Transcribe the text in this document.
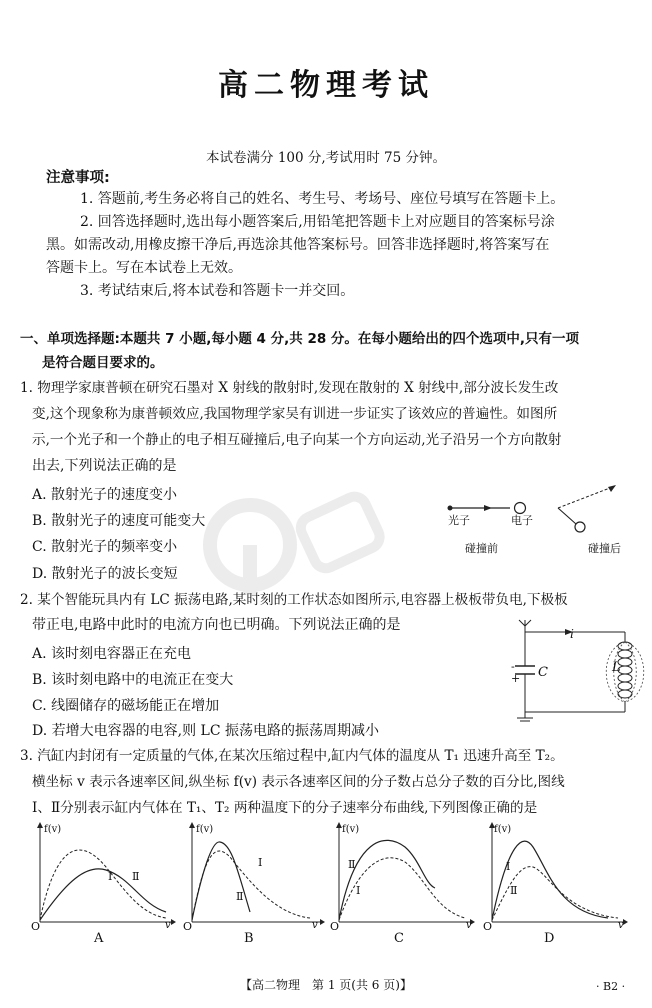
高二物理考试
本试卷满分 100 分,考试用时 75 分钟。
注意事项:
1. 答题前,考生务必将自己的姓名、考生号、考场号、座位号填写在答题卡上。
2. 回答选择题时,选出每小题答案后,用铅笔把答题卡上对应题目的答案标号涂
黑。如需改动,用橡皮擦干净后,再选涂其他答案标号。回答非选择题时,将答案写在
答题卡上。写在本试卷上无效。
3. 考试结束后,将本试卷和答题卡一并交回。
一、单项选择题:本题共 7 小题,每小题 4 分,共 28 分。在每小题给出的四个选项中,只有一项
是符合题目要求的。
1. 物理学家康普顿在研究石墨对 X 射线的散射时,发现在散射的 X 射线中,部分波长发生改
变,这个现象称为康普顿效应,我国物理学家吴有训进一步证实了该效应的普遍性。如图所
示,一个光子和一个静止的电子相互碰撞后,电子向某一个方向运动,光子沿另一个方向散射
出去,下列说法正确的是
A. 散射光子的速度变小
B. 散射光子的速度可能变大
C. 散射光子的频率变小
D. 散射光子的波长变短
光子	电子
碰撞前	碰撞后
2. 某个智能玩具内有 LC 振荡电路,某时刻的工作状态如图所示,电容器上极板带负电,下极板
带正电,电路中此时的电流方向也已明确。下列说法正确的是
A. 该时刻电容器正在充电
B. 该时刻电路中的电流正在变大
C. 线圈储存的磁场能正在增加
D. 若增大电容器的电容,则 LC 振荡电路的振荡周期减小
i
-
+ C	L
3. 汽缸内封闭有一定质量的气体,在某次压缩过程中,缸内气体的温度从 T₁ 迅速升高至 T₂。
横坐标 v 表示各速率区间,纵坐标 f(v) 表示各速率区间的分子数占总分子数的百分比,图线
Ⅰ、Ⅱ分别表示缸内气体在 T₁、T₂ 两种温度下的分子速率分布曲线,下列图像正确的是
f(v)
Ⅱ
Ⅰ
O	v
A
f(v)
Ⅰ
Ⅱ
O	v
B
f(v)
Ⅱ
Ⅰ
O	v
C
f(v)
Ⅰ
Ⅱ
O	v
D
【高二物理　第 1 页(共 6 页)】	· B2 ·
